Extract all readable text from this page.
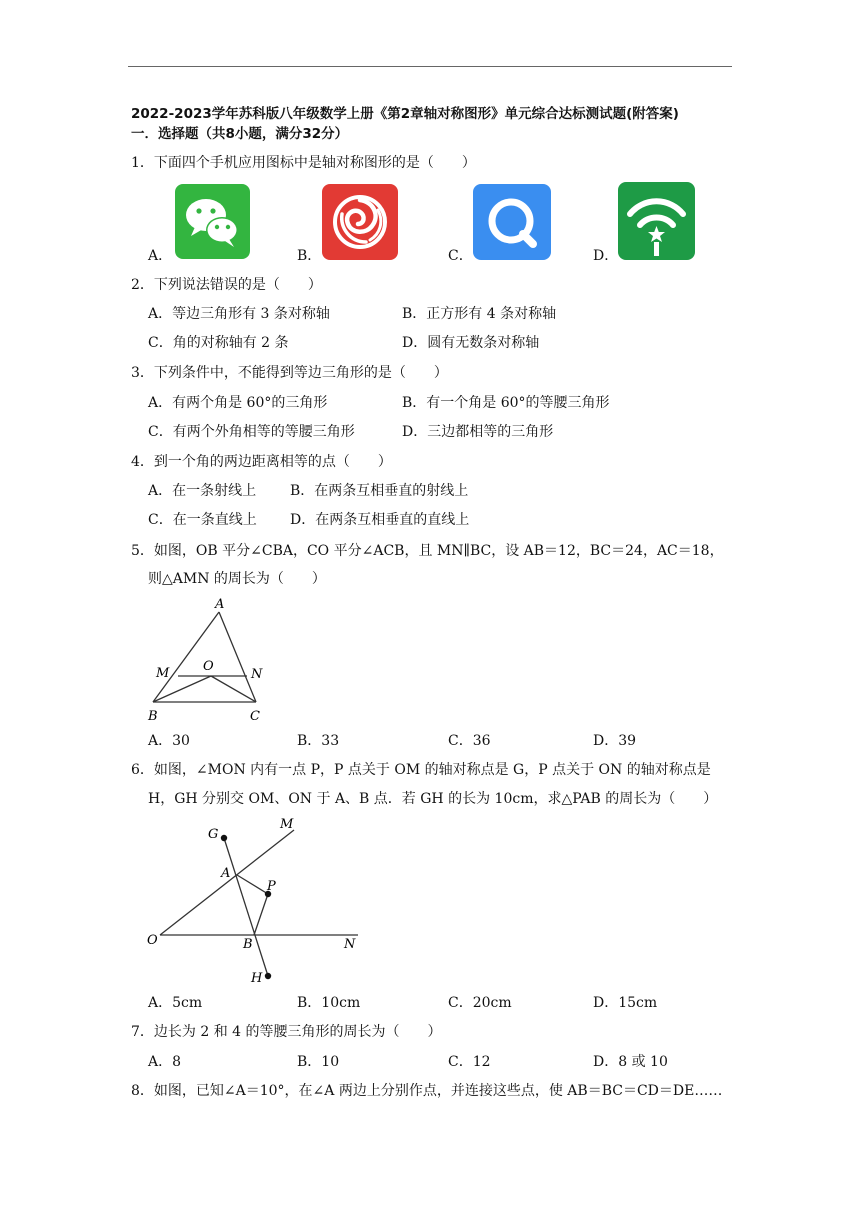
2022-2023学年苏科版八年级数学上册《第2章轴对称图形》单元综合达标测试题(附答案)
一．选择题（共8小题，满分32分）
1．下面四个手机应用图标中是轴对称图形的是（　　）
A．	B．	C．	D．
2．下列说法错误的是（　　）
A．等边三角形有 3 条对称轴	B．正方形有 4 条对称轴
C．角的对称轴有 2 条	D．圆有无数条对称轴
3．下列条件中，不能得到等边三角形的是（　　）
A．有两个角是 60°的三角形	B．有一个角是 60°的等腰三角形
C．有两个外角相等的等腰三角形	D．三边都相等的三角形
4．到一个角的两边距离相等的点（　　）
A．在一条射线上 B．在两条互相垂直的射线上
C．在一条直线上 D．在两条互相垂直的直线上
5．如图，OB 平分∠CBA，CO 平分∠ACB，且 MN∥BC，设 AB＝12，BC＝24，AC＝18，
则△AMN 的周长为（　　）
A
M	O
N
B	C
A．30	B．33	C．36	D．39
6．如图，∠MON 内有一点 P，P 点关于 OM 的轴对称点是 G，P 点关于 ON 的轴对称点是
H，GH 分别交 OM、ON 于 A、B 点．若 GH 的长为 10cm，求△PAB 的周长为（　　）
G
M
A
P
O	B	N
H
A．5cm	B．10cm	C．20cm	D．15cm
7．边长为 2 和 4 的等腰三角形的周长为（　　）
A．8	B．10	C．12	D．8 或 10
8．如图，已知∠A＝10°，在∠A 两边上分别作点，并连接这些点，使 AB＝BC＝CD＝DE……
